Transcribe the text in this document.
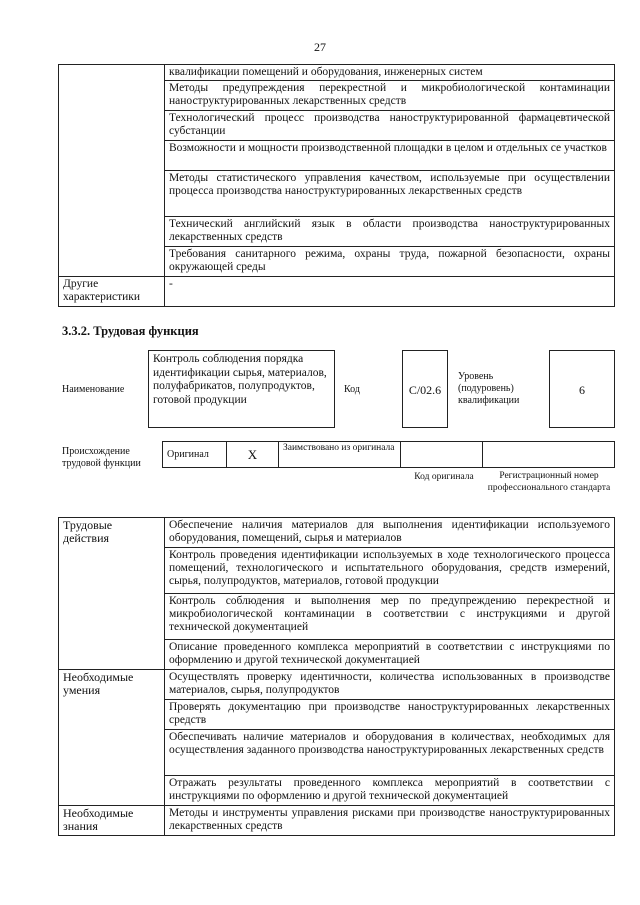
27
	квалификации помещений и оборудования, инженерных систем
	Методы предупреждения перекрестной и микробиологической контаминации наноструктурированных лекарственных средств
	Технологический процесс производства наноструктурированной фармацевтической субстанции
	Возможности и мощности производственной площадки в целом и отдельных се участков
	Методы статистического управления качеством, используемые при осуществлении процесса производства наноструктурированных лекарственных средств
	Технический английский язык в области производства наноструктурированных лекарственных средств
	Требования санитарного режима, охраны труда, пожарной безопасности, охраны окружающей среды
Другие характеристики	-
3.3.2. Трудовая функция
Наименование
Контроль соблюдения порядка идентификации сырья, материалов, полуфабрикатов, полупродуктов, готовой продукции
Код	С/02.6
Уровень (подуровень) квалификации
6
Происхождение трудовой функции
Оригинал	X	Заимствовано из оригинала		
Код оригинала	Регистрационный номер профессионального стандарта
Трудовые действия	Обеспечение наличия материалов для выполнения идентификации используемого оборудования, помещений, сырья и материалов
	Контроль проведения идентификации используемых в ходе технологического процесса помещений, технологического и испытательного оборудования, средств измерений, сырья, полупродуктов, материалов, готовой продукции
	Контроль соблюдения и выполнения мер по предупреждению перекрестной и микробиологической контаминации в соответствии с инструкциями и другой технической документацией
	Описание проведенного комплекса мероприятий в соответствии с инструкциями по оформлению и другой технической документацией
Необходимые умения	Осуществлять проверку идентичности, количества использованных в производстве материалов, сырья, полупродуктов
	Проверять документацию при производстве наноструктурированных лекарственных средств
	Обеспечивать наличие материалов и оборудования в количествах, необходимых для осуществления заданного производства наноструктурированных лекарственных средств
	Отражать результаты проведенного комплекса мероприятий в соответствии с инструкциями по оформлению и другой технической документацией
Необходимые знания	Методы и инструменты управления рисками при производстве наноструктурированных лекарственных средств
